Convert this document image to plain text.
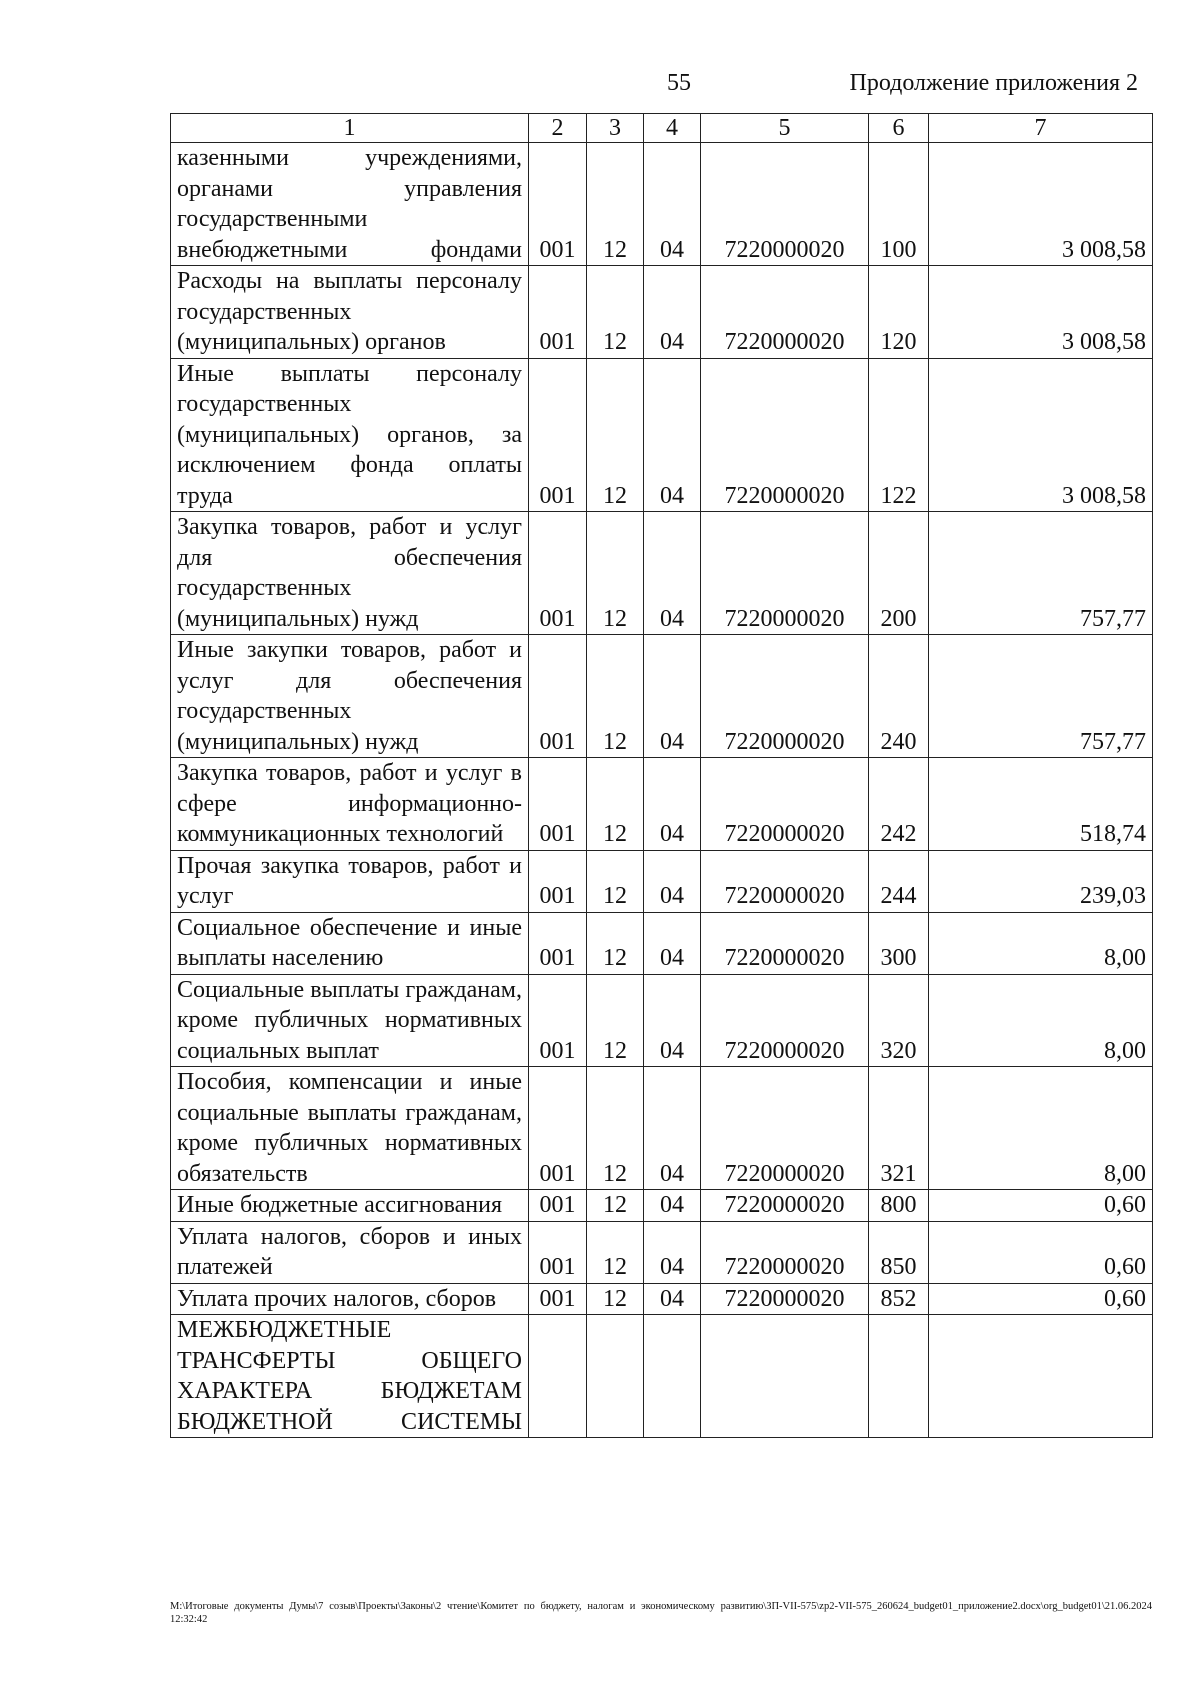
55	Продолжение приложения 2
1	2	3	4	5	6	7
казенными учреждениями, органами управления государственными внебюджетными фондами	001	12	04	7220000020	100	3 008,58
Расходы на выплаты персоналу государственных (муниципальных) органов	001	12	04	7220000020	120	3 008,58
Иные выплаты персоналу государственных (муниципальных) органов, за исключением фонда оплаты труда	001	12	04	7220000020	122	3 008,58
Закупка товаров, работ и услуг для обеспечения государственных (муниципальных) нужд	001	12	04	7220000020	200	757,77
Иные закупки товаров, работ и услуг для обеспечения государственных (муниципальных) нужд	001	12	04	7220000020	240	757,77
Закупка товаров, работ и услуг в сфере информационно-коммуникационных технологий	001	12	04	7220000020	242	518,74
Прочая закупка товаров, работ и услуг	001	12	04	7220000020	244	239,03
Социальное обеспечение и иные выплаты населению	001	12	04	7220000020	300	8,00
Социальные выплаты гражданам, кроме публичных нормативных социальных выплат	001	12	04	7220000020	320	8,00
Пособия, компенсации и иные социальные выплаты гражданам, кроме публичных нормативных обязательств	001	12	04	7220000020	321	8,00
Иные бюджетные ассигнования	001	12	04	7220000020	800	0,60
Уплата налогов, сборов и иных платежей	001	12	04	7220000020	850	0,60
Уплата прочих налогов, сборов	001	12	04	7220000020	852	0,60
МЕЖБЮДЖЕТНЫЕ ТРАНСФЕРТЫ ОБЩЕГО ХАРАКТЕРА БЮДЖЕТАМ БЮДЖЕТНОЙ СИСТЕМЫ						
M:\Итоговые документы Думы\7 созыв\Проекты\Законы\2 чтение\Комитет по бюджету, налогам и экономическому развитию\ЗП-VII-575\zp2-VII-575_260624_budget01_приложение2.docx\org_budget01\21.06.2024 12:32:42
